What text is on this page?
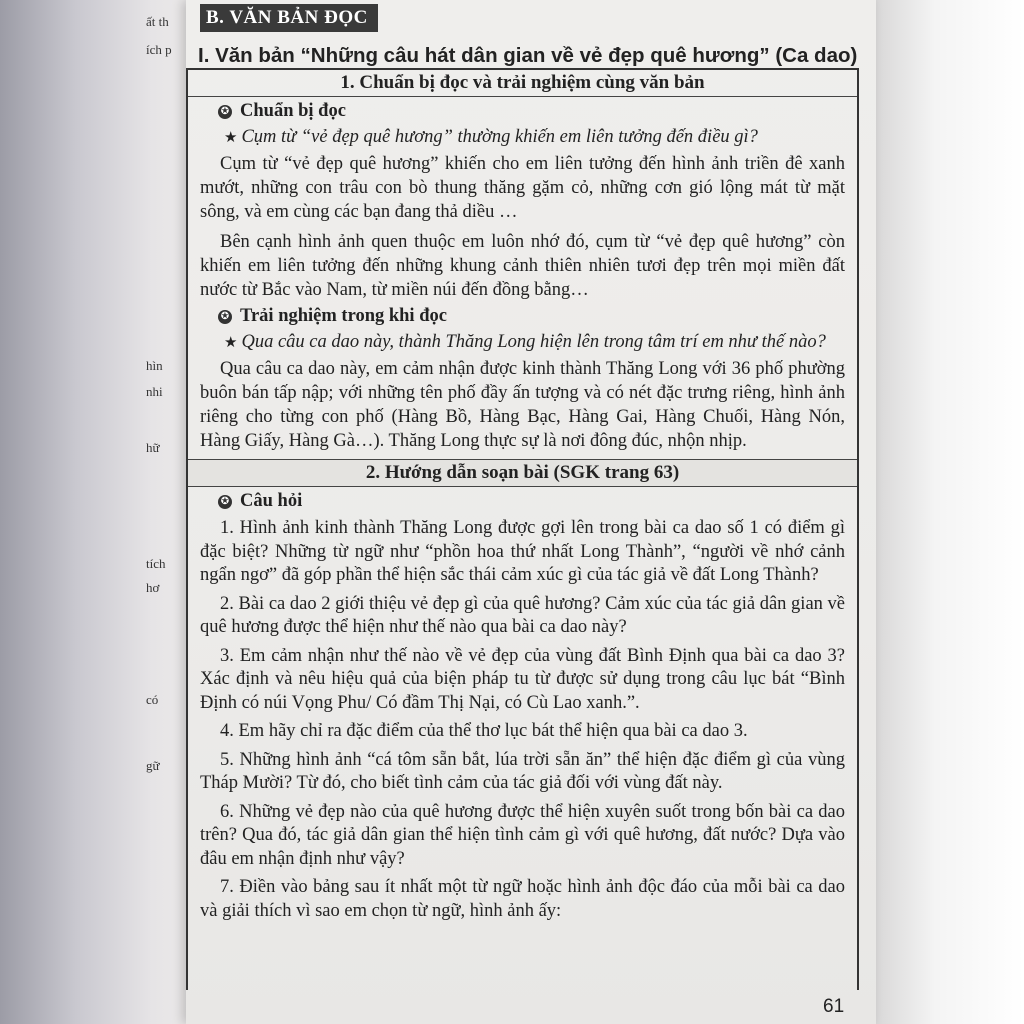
ất th
ích p
hìn
nhi
hữ
tích
hơ
có
gữ
B. VĂN BẢN ĐỌC
I. Văn bản “Những câu hát dân gian về vẻ đẹp quê hương” (Ca dao)
1. Chuẩn bị đọc và trải nghiệm cùng văn bản
✪ Chuẩn bị đọc
★ Cụm từ “vẻ đẹp quê hương” thường khiến em liên tưởng đến điều gì?
Cụm từ “vẻ đẹp quê hương” khiến cho em liên tưởng đến hình ảnh triền đê xanh mướt, những con trâu con bò thung thăng gặm cỏ, những cơn gió lộng mát từ mặt sông, và em cùng các bạn đang thả diều …
Bên cạnh hình ảnh quen thuộc em luôn nhớ đó, cụm từ “vẻ đẹp quê hương” còn khiến em liên tưởng đến những khung cảnh thiên nhiên tươi đẹp trên mọi miền đất nước từ Bắc vào Nam, từ miền núi đến đồng bằng…
✪ Trải nghiệm trong khi đọc
★ Qua câu ca dao này, thành Thăng Long hiện lên trong tâm trí em như thế nào?
Qua câu ca dao này, em cảm nhận được kinh thành Thăng Long với 36 phố phường buôn bán tấp nập; với những tên phố đầy ấn tượng và có nét đặc trưng riêng, hình ảnh riêng cho từng con phố (Hàng Bồ, Hàng Bạc, Hàng Gai, Hàng Chuối, Hàng Nón, Hàng Giấy, Hàng Gà…). Thăng Long thực sự là nơi đông đúc, nhộn nhịp.
2. Hướng dẫn soạn bài (SGK trang 63)
✪ Câu hỏi
1. Hình ảnh kinh thành Thăng Long được gợi lên trong bài ca dao số 1 có điểm gì đặc biệt? Những từ ngữ như “phồn hoa thứ nhất Long Thành”, “người về nhớ cảnh ngẩn ngơ” đã góp phần thể hiện sắc thái cảm xúc gì của tác giả về đất Long Thành?
2. Bài ca dao 2 giới thiệu vẻ đẹp gì của quê hương? Cảm xúc của tác giả dân gian về quê hương được thể hiện như thế nào qua bài ca dao này?
3. Em cảm nhận như thế nào về vẻ đẹp của vùng đất Bình Định qua bài ca dao 3? Xác định và nêu hiệu quả của biện pháp tu từ được sử dụng trong câu lục bát “Bình Định có núi Vọng Phu/ Có đầm Thị Nại, có Cù Lao xanh.”.
4. Em hãy chỉ ra đặc điểm của thể thơ lục bát thể hiện qua bài ca dao 3.
5. Những hình ảnh “cá tôm sẵn bắt, lúa trời sẵn ăn” thể hiện đặc điểm gì của vùng Tháp Mười? Từ đó, cho biết tình cảm của tác giả đối với vùng đất này.
6. Những vẻ đẹp nào của quê hương được thể hiện xuyên suốt trong bốn bài ca dao trên? Qua đó, tác giả dân gian thể hiện tình cảm gì với quê hương, đất nước? Dựa vào đâu em nhận định như vậy?
7. Điền vào bảng sau ít nhất một từ ngữ hoặc hình ảnh độc đáo của mỗi bài ca dao và giải thích vì sao em chọn từ ngữ, hình ảnh ấy:
61
